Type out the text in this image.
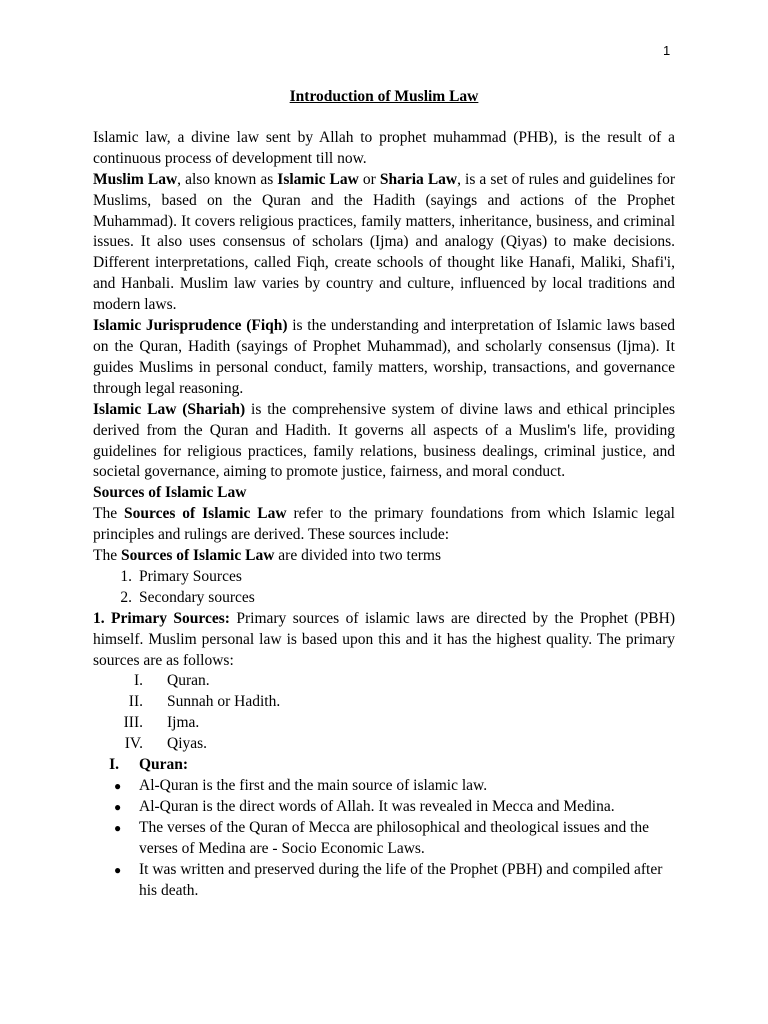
1
Introduction of Muslim Law

Islamic law, a divine law sent by Allah to prophet muhammad (PHB), is the result of a continuous process of development till now.

Muslim Law, also known as Islamic Law or Sharia Law, is a set of rules and guidelines for Muslims, based on the Quran and the Hadith (sayings and actions of the Prophet Muhammad). It covers religious practices, family matters, inheritance, business, and criminal issues. It also uses consensus of scholars (Ijma) and analogy (Qiyas) to make decisions. Different interpretations, called Fiqh, create schools of thought like Hanafi, Maliki, Shafi'i, and Hanbali. Muslim law varies by country and culture, influenced by local traditions and modern laws.

Islamic Jurisprudence (Fiqh) is the understanding and interpretation of Islamic laws based on the Quran, Hadith (sayings of Prophet Muhammad), and scholarly consensus (Ijma). It guides Muslims in personal conduct, family matters, worship, transactions, and governance through legal reasoning.

Islamic Law (Shariah) is the comprehensive system of divine laws and ethical principles derived from the Quran and Hadith. It governs all aspects of a Muslim's life, providing guidelines for religious practices, family relations, business dealings, criminal justice, and societal governance, aiming to promote justice, fairness, and moral conduct.

Sources of Islamic Law

The Sources of Islamic Law refer to the primary foundations from which Islamic legal principles and rulings are derived. These sources include:

The Sources of Islamic Law are divided into two terms

1. Primary Sources
2. Secondary sources

1. Primary Sources: Primary sources of islamic laws are directed by the Prophet (PBH) himself. Muslim personal law is based upon this and it has the highest quality. The primary sources are as follows:

I. Quran.
II. Sunnah or Hadith.
III. Ijma.
IV. Qiyas.
I. Quran:
● Al-Quran is the first and the main source of islamic law.
● Al-Quran is the direct words of Allah. It was revealed in Mecca and Medina.
● The verses of the Quran of Mecca are philosophical and theological issues and the verses of Medina are - Socio Economic Laws.
● It was written and preserved during the life of the Prophet (PBH) and compiled after his death.
